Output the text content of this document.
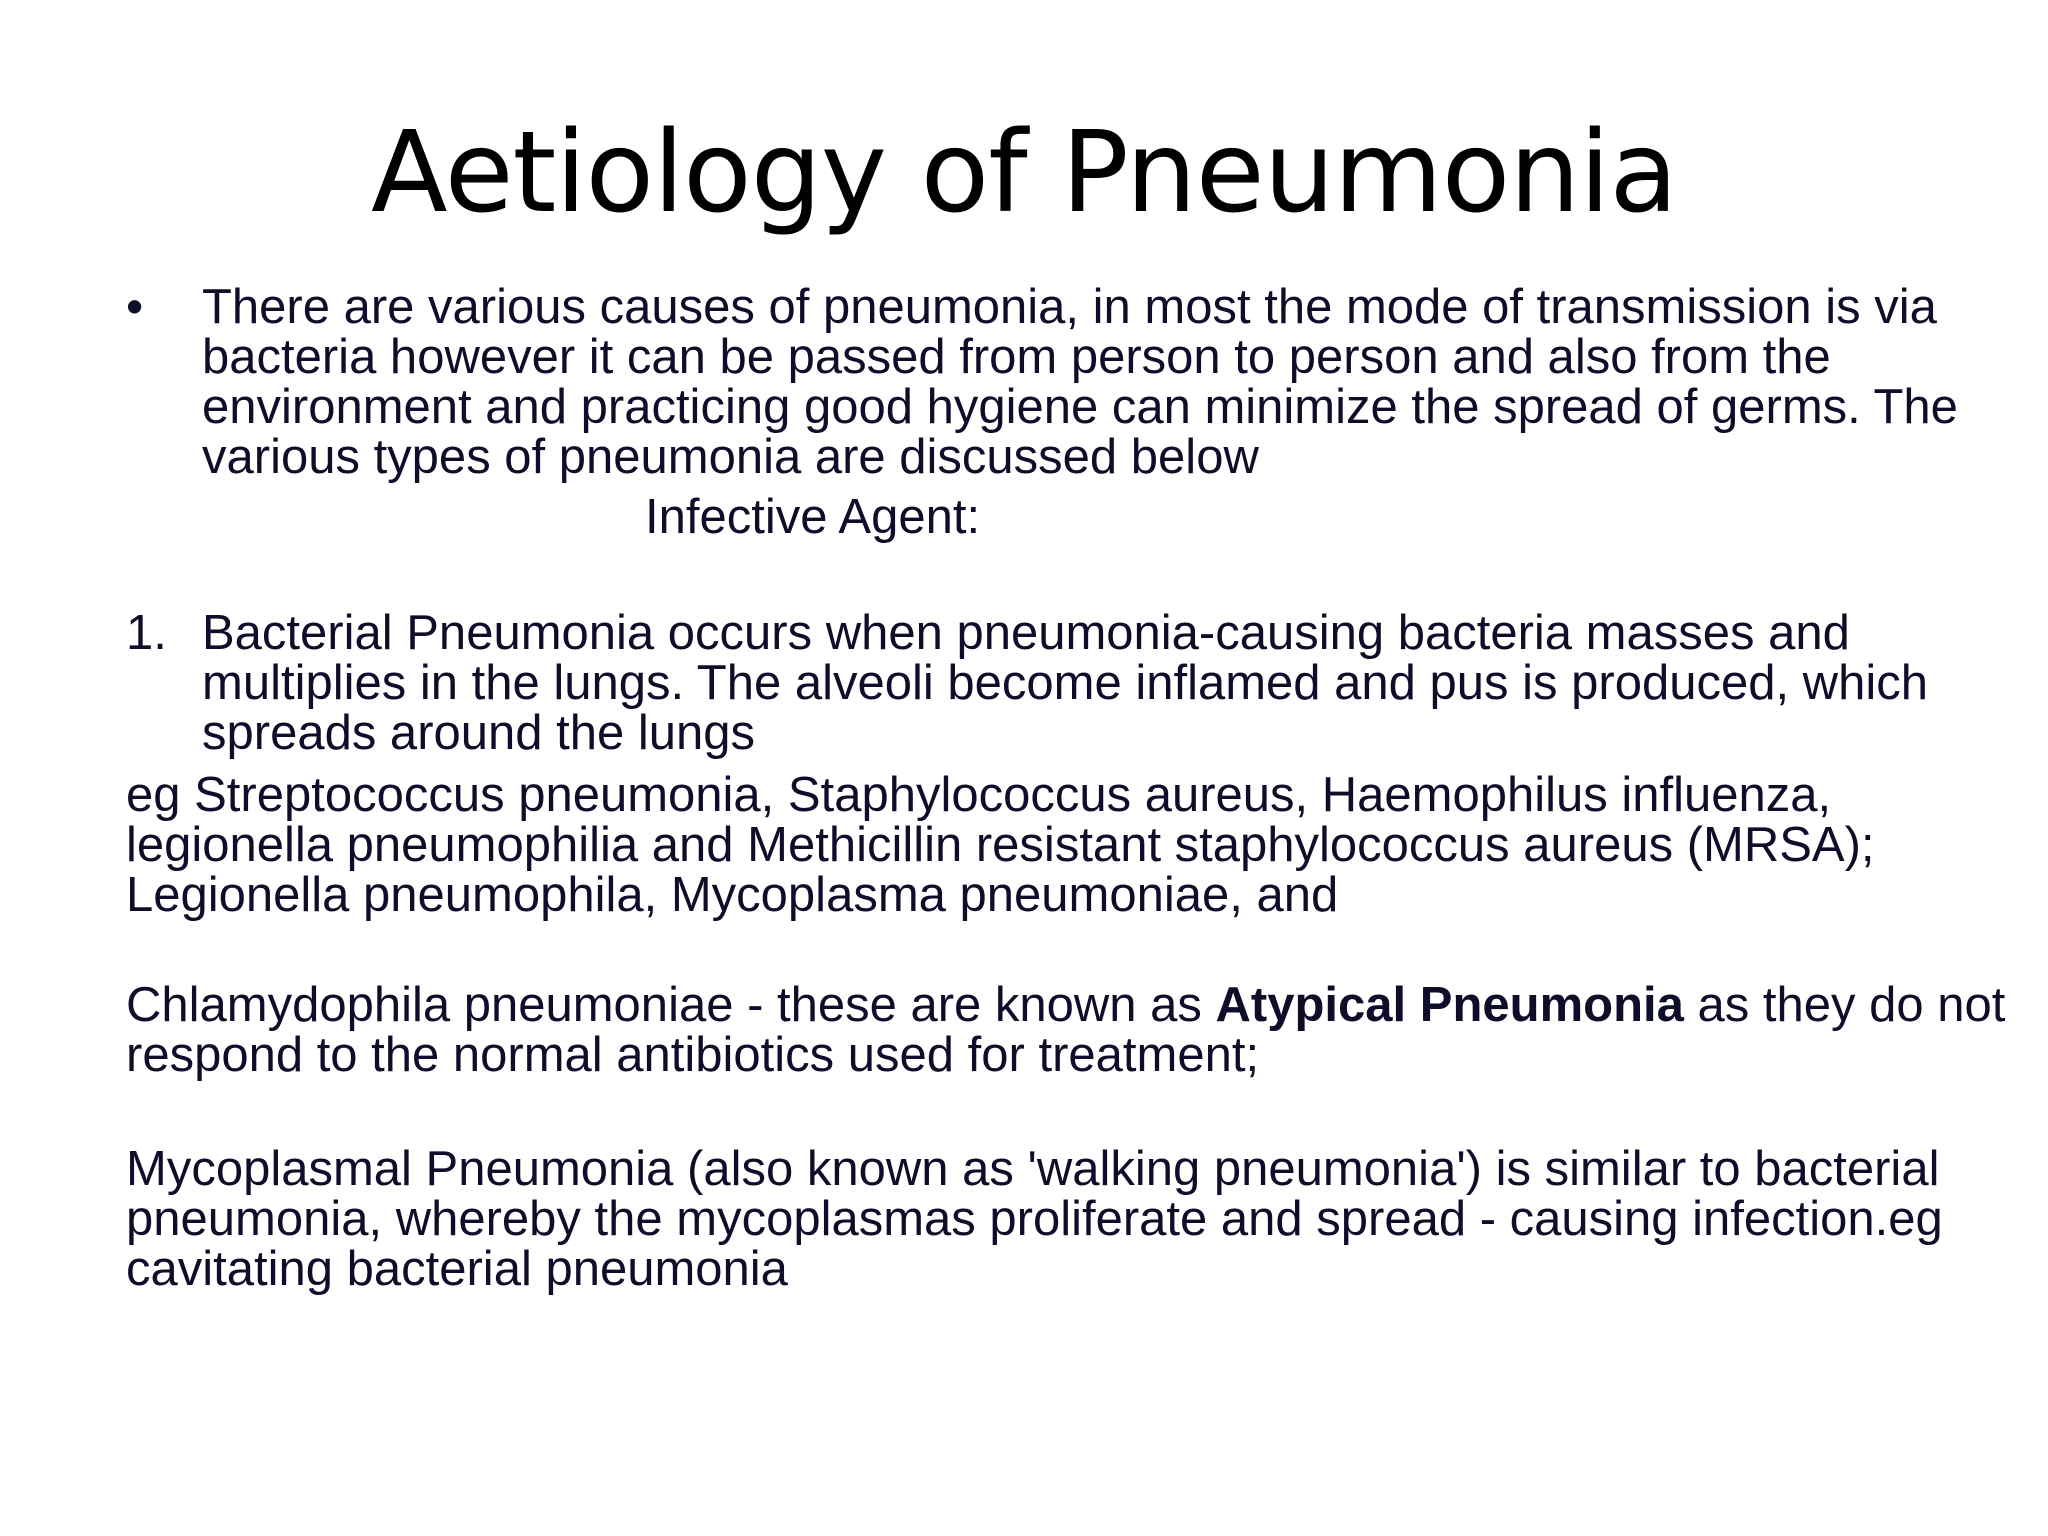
Aetiology of Pneumonia
• There are various causes of pneumonia, in most the mode of transmission is via bacteria however it can be passed from person to person and also from the environment and practicing good hygiene can minimize the spread of germs. The various types of pneumonia are discussed below
Infective Agent:
1. Bacterial Pneumonia occurs when pneumonia-causing bacteria masses and multiplies in the lungs. The alveoli become inflamed and pus is produced, which spreads around the lungs
eg Streptococcus pneumonia, Staphylococcus aureus, Haemophilus influenza, legionella pneumophilia and Methicillin resistant staphylococcus aureus (MRSA); Legionella pneumophila, Mycoplasma pneumoniae, and
Chlamydophila pneumoniae - these are known as Atypical Pneumonia as they do not respond to the normal antibiotics used for treatment;
Mycoplasmal Pneumonia (also known as 'walking pneumonia') is similar to bacterial pneumonia, whereby the mycoplasmas proliferate and spread - causing infection.eg cavitating bacterial pneumonia
